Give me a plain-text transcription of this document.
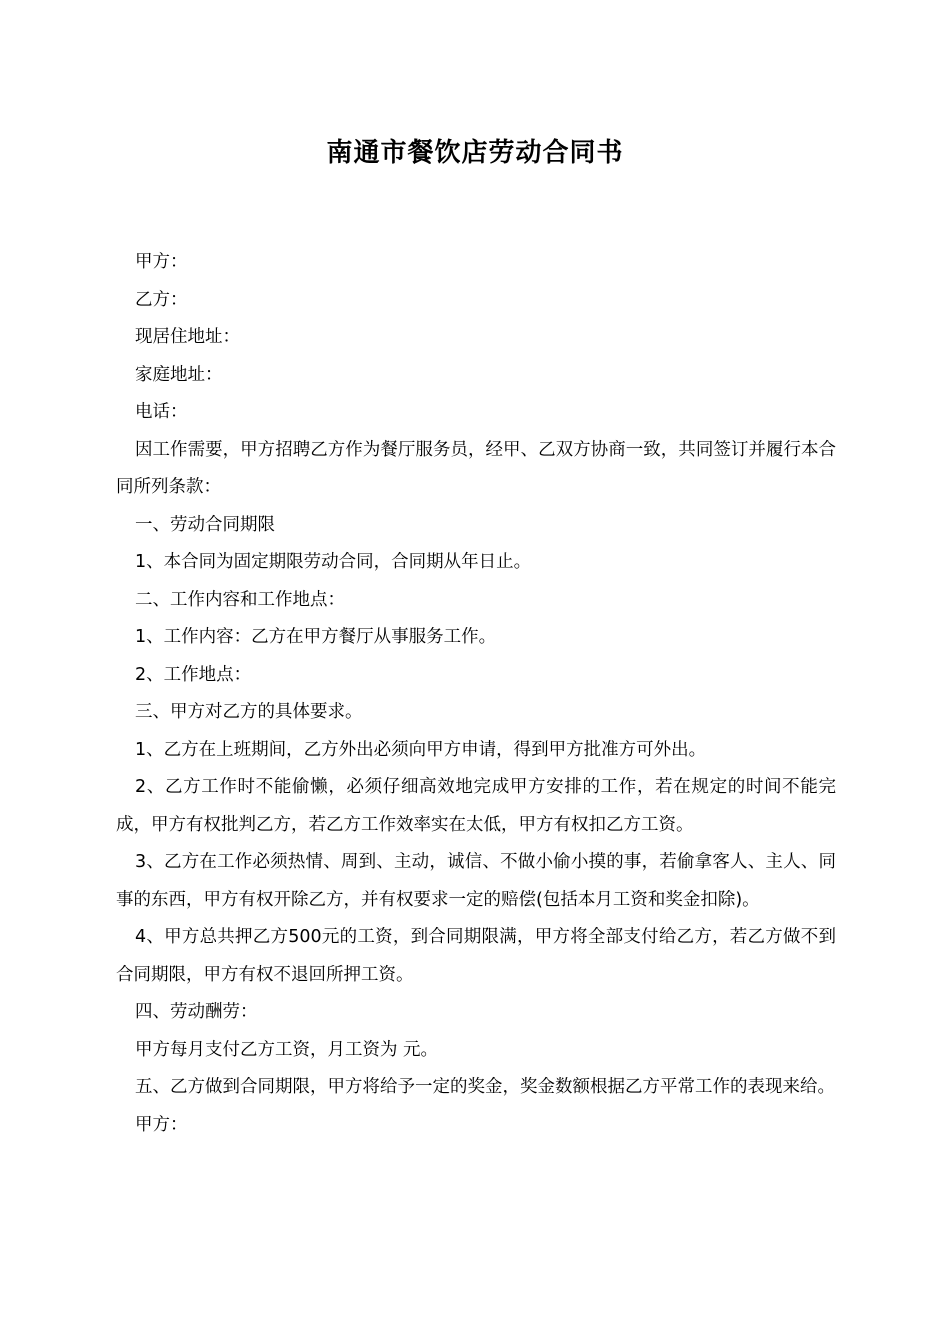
南通市餐饮店劳动合同书

甲方：

乙方：

现居住地址：

家庭地址：

电话：

因工作需要，甲方招聘乙方作为餐厅服务员，经甲、乙双方协商一致，共同签订并履行本合同所列条款：

一、劳动合同期限

1、本合同为固定期限劳动合同，合同期从年日止。

二、工作内容和工作地点：

1、工作内容：乙方在甲方餐厅从事服务工作。

2、工作地点：

三、甲方对乙方的具体要求。

1、乙方在上班期间，乙方外出必须向甲方申请，得到甲方批准方可外出。

2、乙方工作时不能偷懒，必须仔细高效地完成甲方安排的工作，若在规定的时间不能完成，甲方有权批判乙方，若乙方工作效率实在太低，甲方有权扣乙方工资。

3、乙方在工作必须热情、周到、主动，诚信、不做小偷小摸的事，若偷拿客人、主人、同事的东西，甲方有权开除乙方，并有权要求一定的赔偿(包括本月工资和奖金扣除)。

4、甲方总共押乙方500元的工资，到合同期限满，甲方将全部支付给乙方，若乙方做不到合同期限，甲方有权不退回所押工资。

四、劳动酬劳：

甲方每月支付乙方工资，月工资为 元。

五、乙方做到合同期限，甲方将给予一定的奖金，奖金数额根据乙方平常工作的表现来给。

甲方：
